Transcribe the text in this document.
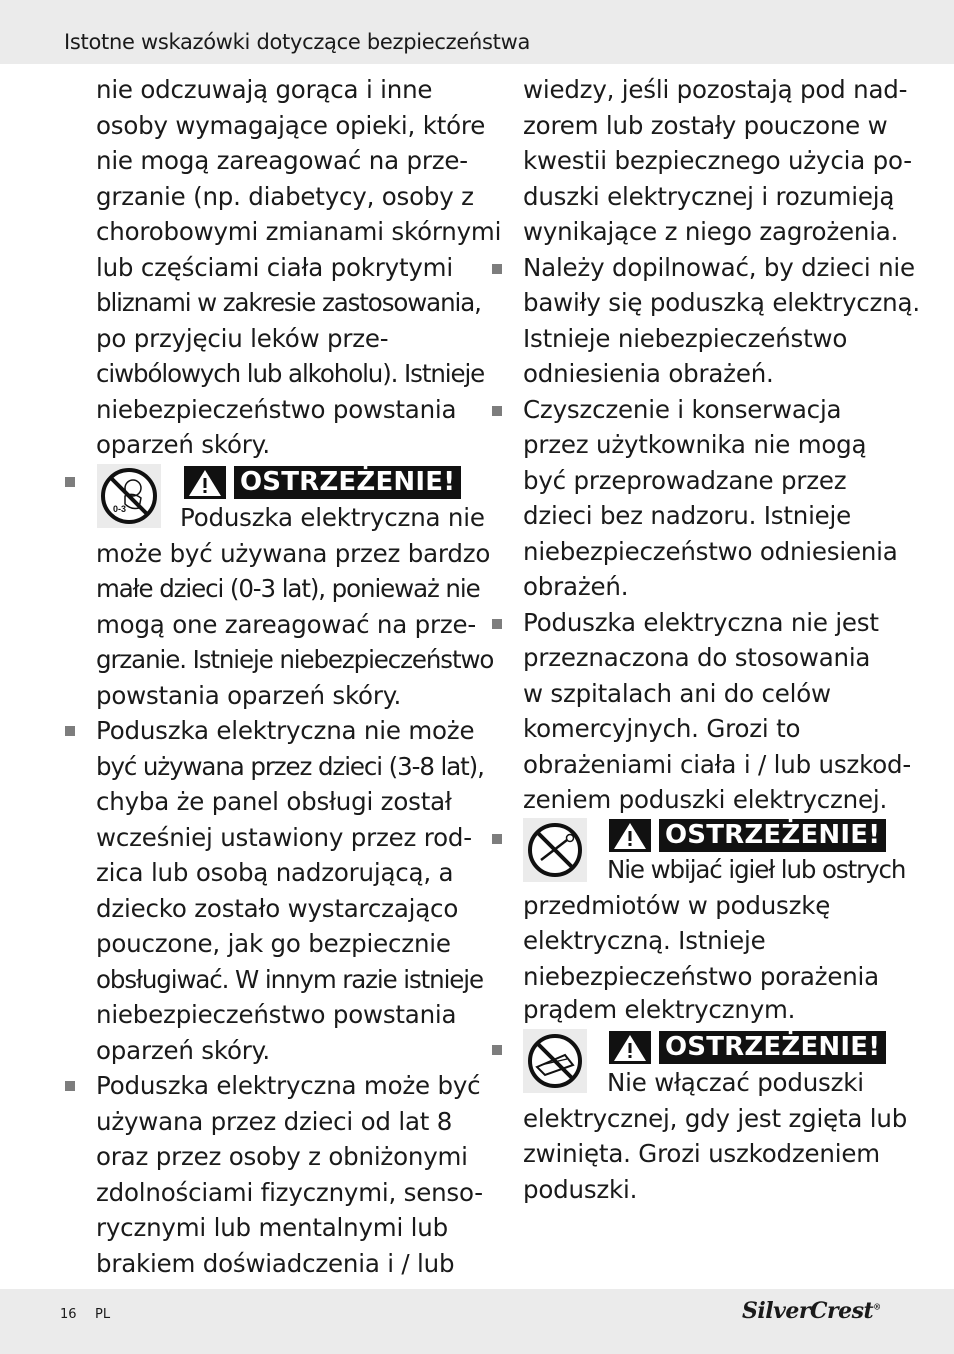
Istotne wskazówki dotyczące bezpieczeństwa
nie odczuwają gorąca i inne
osoby wymagające opieki, które
nie mogą zareagować na prze-
grzanie (np. diabetycy, osoby z
chorobowymi zmianami skórnymi
lub częściami ciała pokrytymi
bliznami w zakresie zastosowania,
po przyjęciu leków prze-
ciwbólowych lub alkoholu). Istnieje
niebezpieczeństwo powstania
oparzeń skóry.
0-3
OSTRZEŻENIE!
Poduszka elektryczna nie
może być używana przez bardzo
małe dzieci (0-3 lat), ponieważ nie
mogą one zareagować na prze-
grzanie. Istnieje niebezpieczeństwo
powstania oparzeń skóry.
Poduszka elektryczna nie może
być używana przez dzieci (3-8 lat),
chyba że panel obsługi został
wcześniej ustawiony przez rod-
zica lub osobą nadzorującą, a
dziecko zostało wystarczająco
pouczone, jak go bezpiecznie
obsługiwać. W innym razie istnieje
niebezpieczeństwo powstania
oparzeń skóry.
Poduszka elektryczna może być
używana przez dzieci od lat 8
oraz przez osoby z obniżonymi
zdolnościami fizycznymi, senso-
rycznymi lub mentalnymi lub
brakiem doświadczenia i / lub
wiedzy, jeśli pozostają pod nad-
zorem lub zostały pouczone w
kwestii bezpiecznego użycia po-
duszki elektrycznej i rozumieją
wynikające z niego zagrożenia.
Należy dopilnować, by dzieci nie
bawiły się poduszką elektryczną.
Istnieje niebezpieczeństwo
odniesienia obrażeń.
Czyszczenie i konserwacja
przez użytkownika nie mogą
być przeprowadzane przez
dzieci bez nadzoru. Istnieje
niebezpieczeństwo odniesienia
obrażeń.
Poduszka elektryczna nie jest
przeznaczona do stosowania
w szpitalach ani do celów
komercyjnych. Grozi to
obrażeniami ciała i / lub uszkod-
zeniem poduszki elektrycznej.
OSTRZEŻENIE!
Nie wbijać igieł lub ostrych
przedmiotów w poduszkę
elektryczną. Istnieje
niebezpieczeństwo porażenia
prądem elektrycznym.
OSTRZEŻENIE!
Nie włączać poduszki
elektrycznej, gdy jest zgięta lub
zwinięta. Grozi uszkodzeniem
poduszki.
16 PL	SilverCrest®
